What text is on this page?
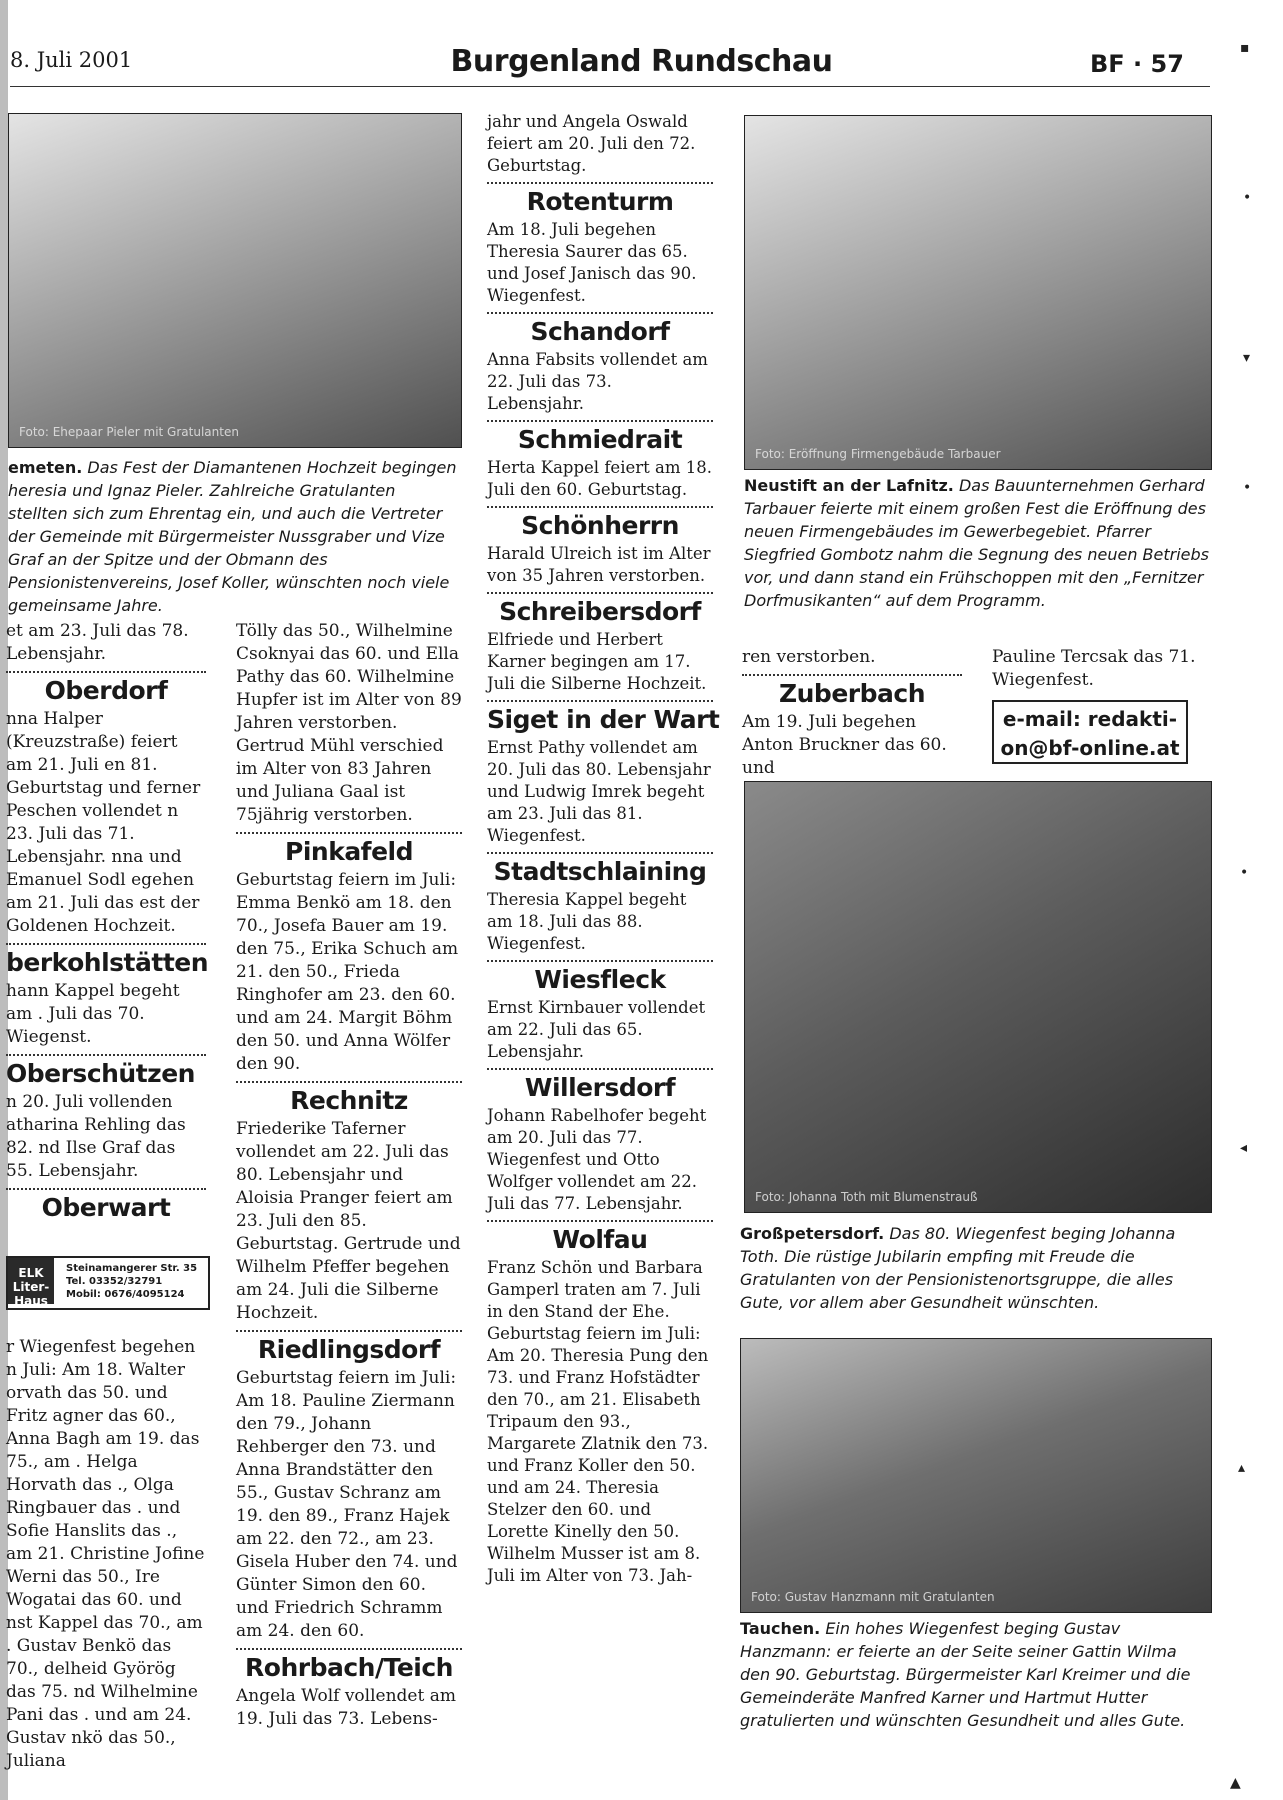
8. Juli 2001	Burgenland Rundschau	BF · 57
Foto: Ehepaar Pieler mit Gratulanten
Foto: Eröffnung Firmengebäude Tarbauer
Foto: Johanna Toth mit Blumenstrauß
Foto: Gustav Hanzmann mit Gratulanten
emeten. Das Fest der Diamantenen Hochzeit begingen heresia und Ignaz Pieler. Zahlreiche Gratulanten stellten sich zum Ehrentag ein, und auch die Vertreter der Gemeinde mit Bürgermeister Nussgraber und Vize Graf an der Spitze und der Obmann des Pensionistenvereins, Josef Koller, wünschten noch viele gemeinsame Jahre.
Neustift an der Lafnitz. Das Bauunternehmen Gerhard Tarbauer feierte mit einem großen Fest die Eröffnung des neuen Firmengebäudes im Gewerbegebiet. Pfarrer Siegfried Gombotz nahm die Segnung des neuen Betriebs vor, und dann stand ein Frühschoppen mit den „Fernitzer Dorfmusikanten“ auf dem Programm.
Großpetersdorf. Das 80. Wiegenfest beging Johanna Toth. Die rüstige Jubilarin empfing mit Freude die Gratulanten von der Pensionistenortsgruppe, die alles Gute, vor allem aber Gesundheit wünschten.
Tauchen. Ein hohes Wiegenfest beging Gustav Hanzmann: er feierte an der Seite seiner Gattin Wilma den 90. Geburtstag. Bürgermeister Karl Kreimer und die Gemeinderäte Manfred Karner und Hartmut Hutter gratulierten und wünschten Gesundheit und alles Gute.

et am 23. Juli das 78. Lebensjahr.

Oberdorf

nna Halper (Kreuzstraße) feiert am 21. Juli en 81. Geburtstag und ferner Peschen vollendet n 23. Juli das 71. Lebensjahr. nna und Emanuel Sodl egehen am 21. Juli das est der Goldenen Hochzeit.

berkohlstätten

hann Kappel begeht am . Juli das 70. Wiegenst.

Oberschützen

n 20. Juli vollenden atharina Rehling das 82. nd Ilse Graf das 55. Lebensjahr.

Oberwart
ELK Liter-Haus
Steinamangerer Str. 35
Tel. 03352/32791
Mobil: 0676/4095124

r Wiegenfest begehen n Juli: Am 18. Walter orvath das 50. und Fritz agner das 60., Anna Bagh am 19. das 75., am . Helga Horvath das ., Olga Ringbauer das . und Sofie Hanslits das ., am 21. Christine Jofine Werni das 50., Ire Wogatai das 60. und nst Kappel das 70., am . Gustav Benkö das 70., delheid Györög das 75. nd Wilhelmine Pani das . und am 24. Gustav nkö das 50., Juliana

Tölly das 50., Wilhelmine Csoknyai das 60. und Ella Pathy das 60. Wilhelmine Hupfer ist im Alter von 89 Jahren verstorben. Gertrud Mühl verschied im Alter von 83 Jahren und Juliana Gaal ist 75jährig verstorben.

Pinkafeld

Geburtstag feiern im Juli: Emma Benkö am 18. den 70., Josefa Bauer am 19. den 75., Erika Schuch am 21. den 50., Frieda Ringhofer am 23. den 60. und am 24. Margit Böhm den 50. und Anna Wölfer den 90.

Rechnitz

Friederike Taferner vollendet am 22. Juli das 80. Lebensjahr und Aloisia Pranger feiert am 23. Juli den 85. Geburtstag. Gertrude und Wilhelm Pfeffer begehen am 24. Juli die Silberne Hochzeit.

Riedlingsdorf

Geburtstag feiern im Juli: Am 18. Pauline Ziermann den 79., Johann Rehberger den 73. und Anna Brandstätter den 55., Gustav Schranz am 19. den 89., Franz Hajek am 22. den 72., am 23. Gisela Huber den 74. und Günter Simon den 60. und Friedrich Schramm am 24. den 60.

Rohrbach/Teich

Angela Wolf vollendet am 19. Juli das 73. Lebens-

jahr und Angela Oswald feiert am 20. Juli den 72. Geburtstag.

Rotenturm

Am 18. Juli begehen Theresia Saurer das 65. und Josef Janisch das 90. Wiegenfest.

Schandorf

Anna Fabsits vollendet am 22. Juli das 73. Lebensjahr.

Schmiedrait

Herta Kappel feiert am 18. Juli den 60. Geburtstag.

Schönherrn

Harald Ulreich ist im Alter von 35 Jahren verstorben.

Schreibersdorf

Elfriede und Herbert Karner begingen am 17. Juli die Silberne Hochzeit.

Siget in der Wart

Ernst Pathy vollendet am 20. Juli das 80. Lebensjahr und Ludwig Imrek begeht am 23. Juli das 81. Wiegenfest.

Stadtschlaining

Theresia Kappel begeht am 18. Juli das 88. Wiegenfest.

Wiesfleck

Ernst Kirnbauer vollendet am 22. Juli das 65. Lebensjahr.

Willersdorf

Johann Rabelhofer begeht am 20. Juli das 77. Wiegenfest und Otto Wolfger vollendet am 22. Juli das 77. Lebensjahr.

Wolfau

Franz Schön und Barbara Gamperl traten am 7. Juli in den Stand der Ehe. Geburtstag feiern im Juli: Am 20. Theresia Pung den 73. und Franz Hofstädter den 70., am 21. Elisabeth Tripaum den 93., Margarete Zlatnik den 73. und Franz Koller den 50. und am 24. Theresia Stelzer den 60. und Lorette Kinelly den 50. Wilhelm Musser ist am 8. Juli im Alter von 73. Jah-

ren verstorben.

Zuberbach

Am 19. Juli begehen Anton Bruckner das 60. und

Pauline Tercsak das 71. Wiegenfest.

e-mail: redakti-
on@bf-online.at
▪
•
▾
•
•
◂
▴
▲
